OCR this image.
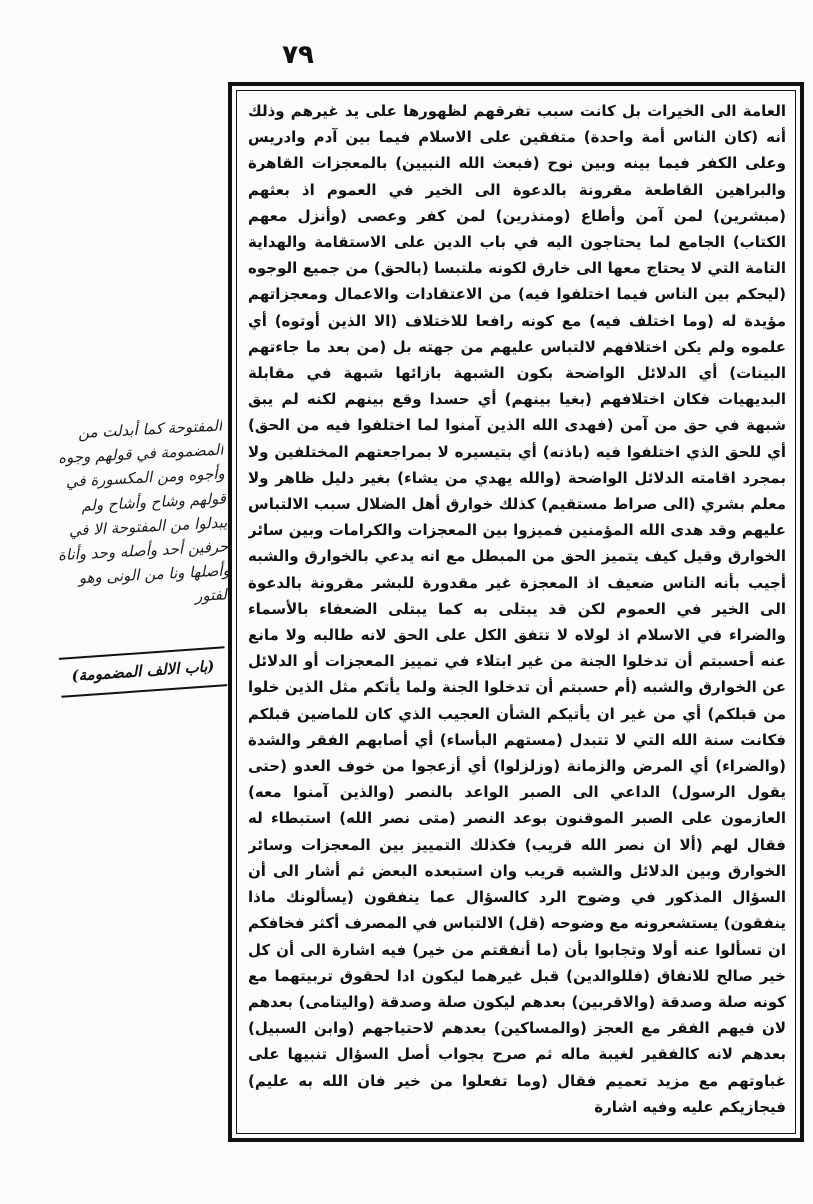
٧٩

العامة الى الخيرات بل كانت سبب تفرقهم لظهورها على يد غيرهم وذلك أنه (كان الناس أمة واحدة) متفقين على الاسلام فيما بين آدم وادريس وعلى الكفر فيما بينه وبين نوح (فبعث الله النبيين) بالمعجزات القاهرة والبراهين القاطعة مقرونة بالدعوة الى الخير في العموم اذ بعثهم (مبشرين) لمن آمن وأطاع (ومنذرين) لمن كفر وعصى (وأنزل معهم الكتاب) الجامع لما يحتاجون اليه في باب الدين على الاستقامة والهداية التامة التي لا يحتاج معها الى خارق لكونه ملتبسا (بالحق) من جميع الوجوه (ليحكم بين الناس فيما اختلفوا فيه) من الاعتقادات والاعمال ومعجزاتهم مؤيدة له (وما اختلف فيه) مع كونه رافعا للاختلاف (الا الذين أوتوه) أي علموه ولم يكن اختلافهم لالتباس عليهم من جهته بل (من بعد ما جاءتهم البينات) أي الدلائل الواضحة بكون الشبهة بازائها شبهة في مقابلة البديهيات فكان اختلافهم (بغيا بينهم) أي حسدا وقع بينهم لكنه لم يبق شبهة في حق من آمن (فهدى الله الذين آمنوا لما اختلفوا فيه من الحق) أي للحق الذي اختلفوا فيه (باذنه) أي بتيسيره لا بمراجعتهم المختلفين ولا بمجرد اقامته الدلائل الواضحة (والله يهدي من يشاء) بغير دليل ظاهر ولا معلم بشري (الى صراط مستقيم) كذلك خوارق أهل الضلال سبب الالتباس عليهم وقد هدى الله المؤمنين فميزوا بين المعجزات والكرامات وبين سائر الخوارق وقيل كيف يتميز الحق من المبطل مع انه يدعي بالخوارق والشبه أجيب بأنه الناس ضعيف اذ المعجزة غير مقدورة للبشر مقرونة بالدعوة الى الخير في العموم لكن قد يبتلى به كما يبتلى الضعفاء بالأسماء والضراء في الاسلام اذ لولاه لا تتفق الكل على الحق لانه طالبه ولا مانع عنه أحسبتم أن تدخلوا الجنة من غير ابتلاء في تمييز المعجزات أو الدلائل عن الخوارق والشبه (أم حسبتم أن تدخلوا الجنة ولما يأتكم مثل الذين خلوا من قبلكم) أي من غير ان يأتيكم الشأن العجيب الذي كان للماضين قبلكم فكانت سنة الله التي لا تتبدل (مستهم البأساء) أي أصابهم الفقر والشدة (والضراء) أي المرض والزمانة (وزلزلوا) أي أزعجوا من خوف العدو (حتى يقول الرسول) الداعي الى الصبر الواعد بالنصر (والذين آمنوا معه) العازمون على الصبر الموقنون بوعد النصر (متى نصر الله) استبطاء له فقال لهم (ألا ان نصر الله قريب) فكذلك التمييز بين المعجزات وسائر الخوارق وبين الدلائل والشبه قريب وان استبعده البعض ثم أشار الى أن السؤال المذكور في وضوح الرد كالسؤال عما ينفقون (يسألونك ماذا ينفقون) يستشعرونه مع وضوحه (قل) الالتباس في المصرف أكثر فخافكم ان تسألوا عنه أولا وتجابوا بأن (ما أنفقتم من خير) فيه اشارة الى أن كل خير صالح للانفاق (فللوالدين) قبل غيرهما ليكون ادا لحقوق تربيتهما مع كونه صلة وصدقة (والاقربين) بعدهم ليكون صلة وصدقة (واليتامى) بعدهم لان فيهم الفقر مع العجز (والمساكين) بعدهم لاحتياجهم (وابن السبيل) بعدهم لانه كالفقير لغيبة ماله ثم صرح بجواب أصل السؤال تنبيها على غباوتهم مع مزيد تعميم فقال (وما تفعلوا من خير فان الله به عليم) فيجازيكم عليه وفيه اشارة

المفتوحة كما أبدلت من

المضمومة في قولهم وجوه

وأجوه ومن المكسورة في

قولهم وشاح وأشاح ولم

يبدلوا من المفتوحة الا في

حرفين أحد وأصله وحد وأناة

وأصلها ونا من الونى وهو

الفتور

(باب الالف المضمومة)
